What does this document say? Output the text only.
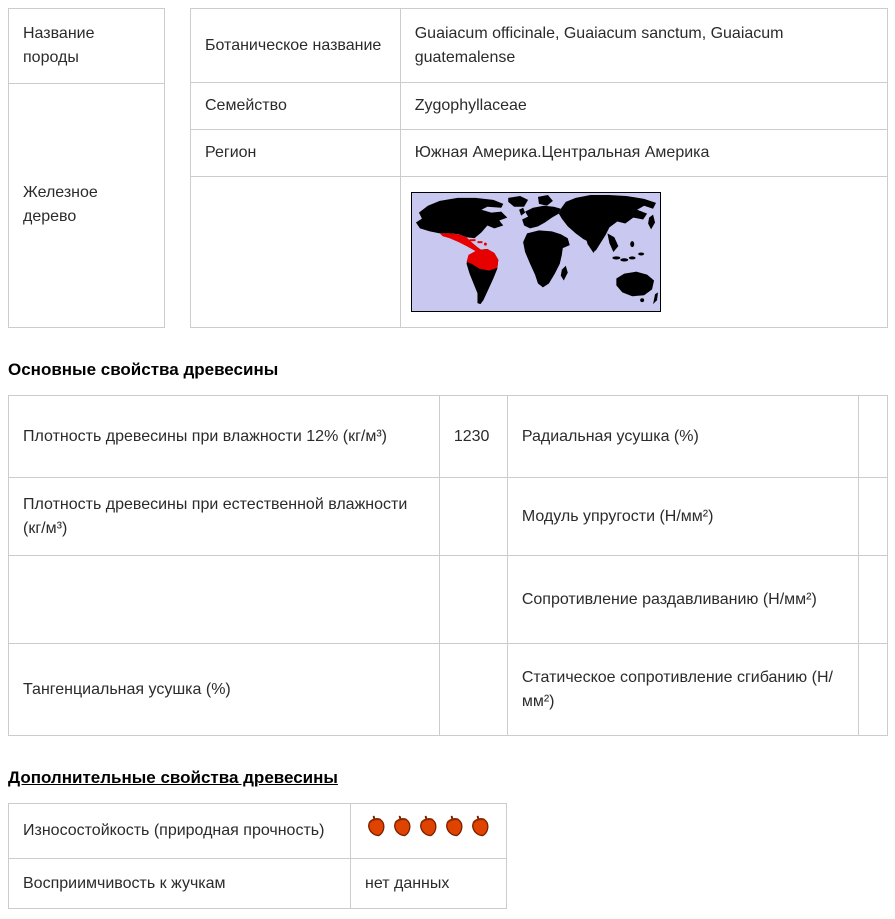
Название породы
Железное дерево
Ботаническое название	Guaiacum officinale, Guaiacum sanctum, Guaiacum guatemalense
Семейство	Zygophyllaceae
Регион	Южная Америка.Центральная Америка

Основные свойства древесины
Плотность древесины при влажности 12% (кг/м³)	1230	Радиальная усушка (%)	
Плотность древесины при естественной влажности (кг/м³)		Модуль упругости (Н/мм²)	
		Сопротивление раздавливанию (Н/мм²)	
Тангенциальная усушка (%)		Статическое сопротивление сгибанию (Н/мм²)	
Дополнительные свойства древесины
Износостойкость (природная прочность)	

Восприимчивость к жучкам	нет данных
